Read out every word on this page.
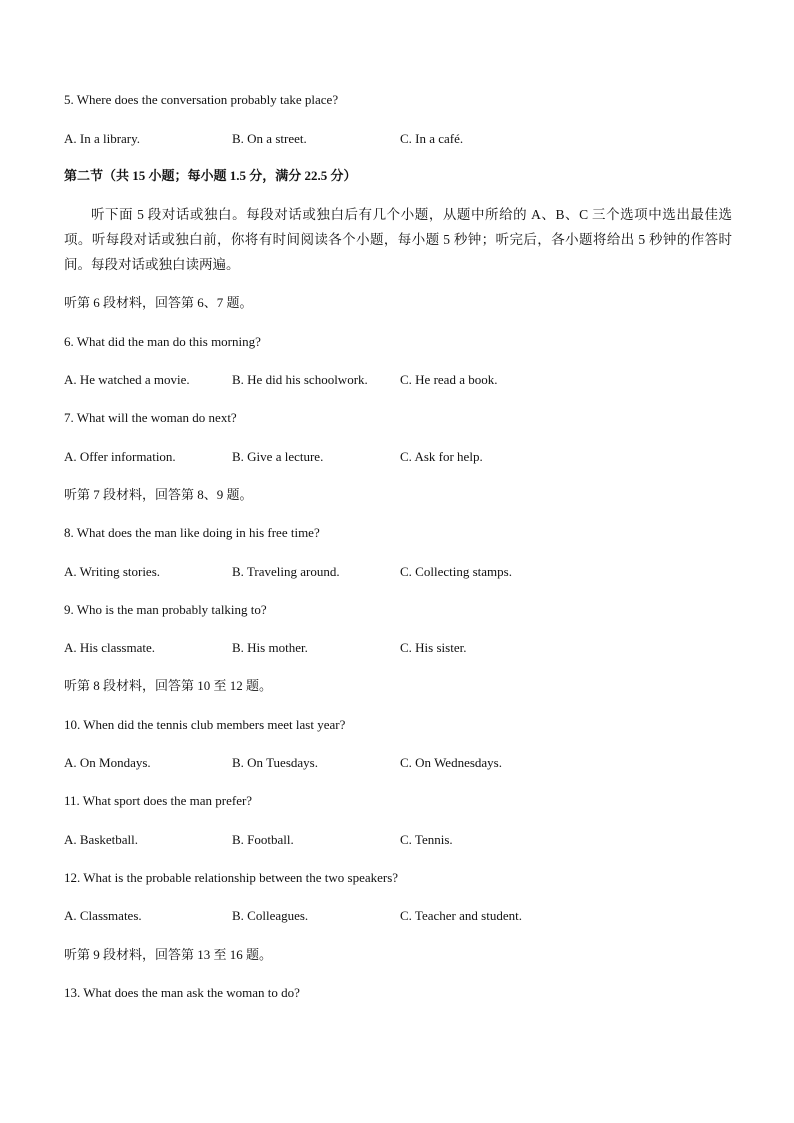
5. Where does the conversation probably take place?
A. In a library.	B. On a street.	C. In a café.
第二节（共 15 小题；每小题 1.5 分，满分 22.5 分）
听下面 5 段对话或独白。每段对话或独白后有几个小题，从题中所给的 A、B、C 三个选项中选出最佳选项。听每段对话或独白前，你将有时间阅读各个小题，每小题 5 秒钟；听完后，各小题将给出 5 秒钟的作答时间。每段对话或独白读两遍。
听第 6 段材料，回答第 6、7 题。
6. What did the man do this morning?
A. He watched a movie.	B. He did his schoolwork. C. He read a book.
7. What will the woman do next?
A. Offer information.	B. Give a lecture.	C. Ask for help.
听第 7 段材料，回答第 8、9 题。
8. What does the man like doing in his free time?
A. Writing stories.	B. Traveling around.	C. Collecting stamps.
9. Who is the man probably talking to?
A. His classmate.	B. His mother.	C. His sister.
听第 8 段材料，回答第 10 至 12 题。
10. When did the tennis club members meet last year?
A. On Mondays.	B. On Tuesdays.	C. On Wednesdays.
11. What sport does the man prefer?
A. Basketball.	B. Football.	C. Tennis.
12. What is the probable relationship between the two speakers?
A. Classmates.	B. Colleagues.	C. Teacher and student.
听第 9 段材料，回答第 13 至 16 题。
13. What does the man ask the woman to do?
